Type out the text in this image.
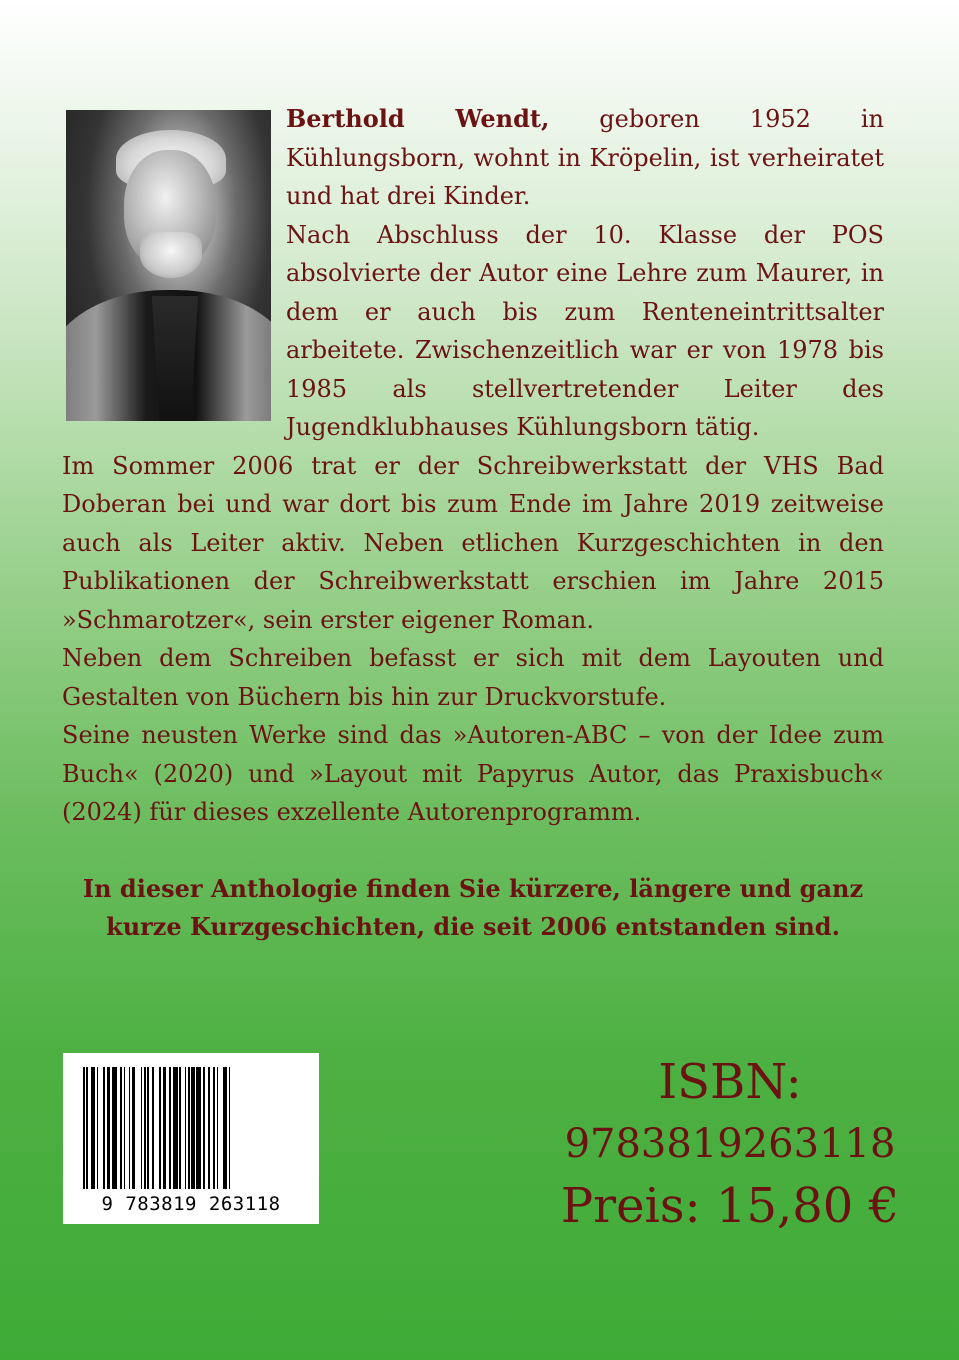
Berthold Wendt, geboren 1952 in Kühlungsborn, wohnt in Kröpelin, ist verheiratet und hat drei Kinder.

Nach Abschluss der 10. Klasse der POS absolvierte der Autor eine Lehre zum Maurer, in dem er auch bis zum Renteneintrittsalter arbeitete. Zwischenzeitlich war er von 1978 bis 1985 als stellvertretender Leiter des Jugendklubhauses Kühlungsborn tätig.

Im Sommer 2006 trat er der Schreibwerkstatt der VHS Bad Doberan bei und war dort bis zum Ende im Jahre 2019 zeitweise auch als Leiter aktiv. Neben etlichen Kurzgeschichten in den Publikationen der Schreibwerkstatt erschien im Jahre 2015 »Schmarotzer«, sein erster eigener Roman.

Neben dem Schreiben befasst er sich mit dem Layouten und Gestalten von Büchern bis hin zur Druckvorstufe.

Seine neusten Werke sind das »Autoren-ABC – von der Idee zum Buch« (2020) und »Layout mit Papyrus Autor, das Praxisbuch« (2024) für dieses exzellente Autorenprogramm.

In dieser Anthologie finden Sie kürzere, längere und ganz kurze Kurzgeschichten, die seit 2006 entstanden sind.
9 783819 263118
ISBN:
9783819263118
Preis: 15,80 €
